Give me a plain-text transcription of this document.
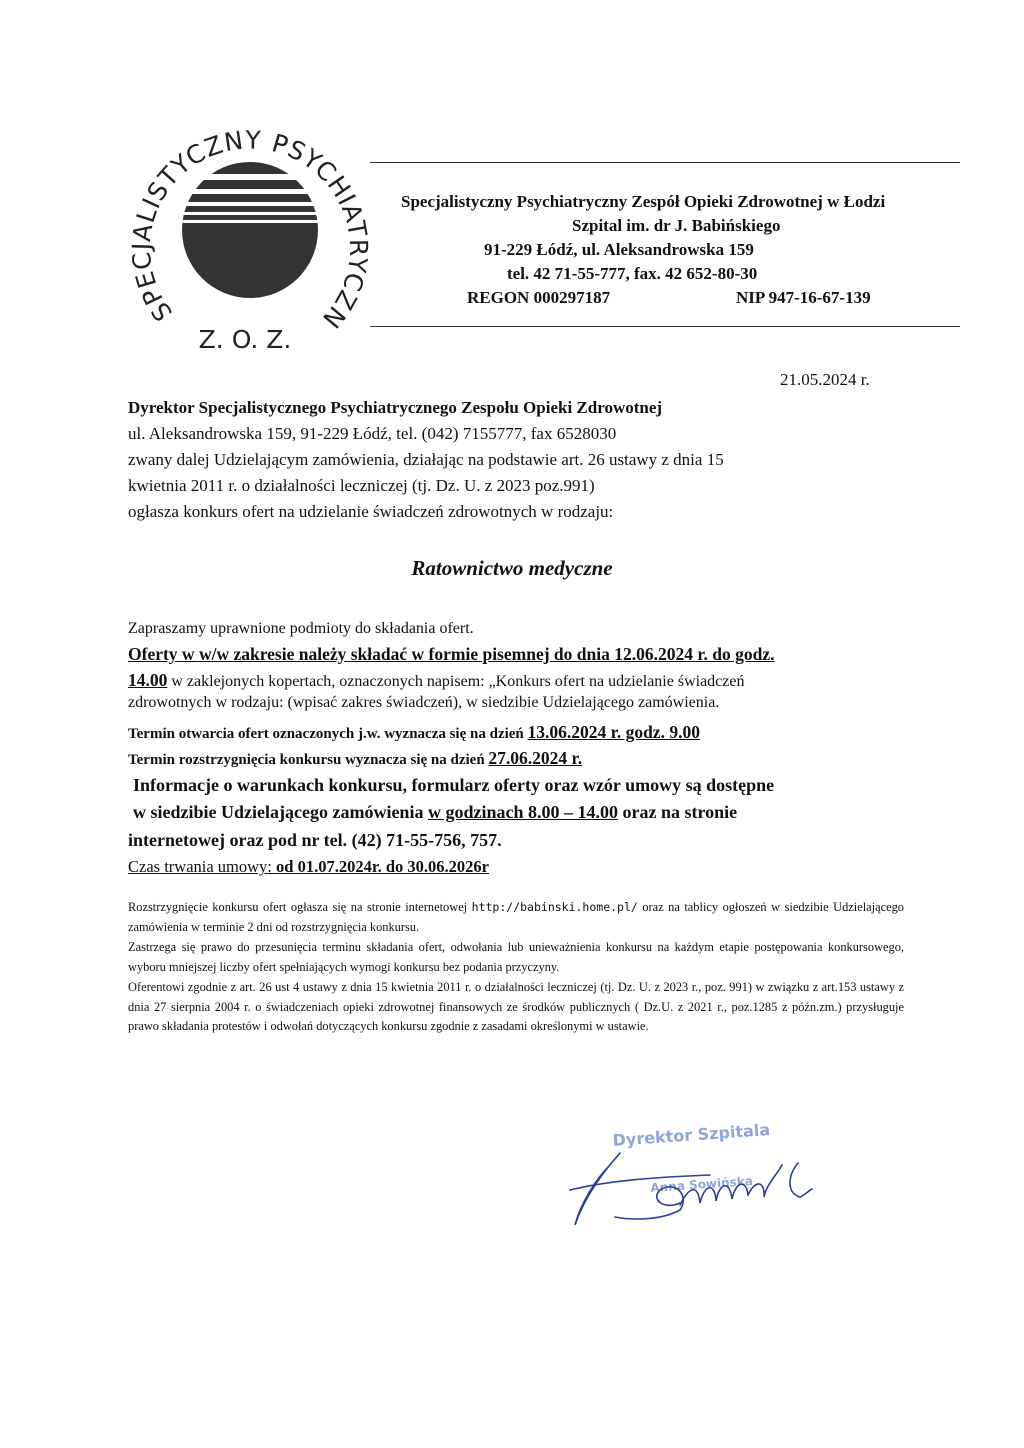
SPECJALISTYCZNY PSYCHIAT YCZN
Z. O. Z.
Specjalistyczny Psychiatryczny Zespół Opieki Zdrowotnej w Łodzi
Szpital im. dr J. Babińskiego
91-229 Łódź, ul. Aleksandrowska 159
tel. 42 71-55-777, fax. 42 652-80-30
REGON 000297187	NIP 947-16-67-139
21.05.2024 r.
Dyrektor Specjalistycznego Psychiatrycznego Zespołu Opieki Zdrowotnej
ul. Aleksandrowska 159, 91-229 Łódź, tel. (042) 7155777, fax 6528030
zwany dalej Udzielającym zamówienia, działając na podstawie art. 26 ustawy z dnia 15
kwietnia 2011 r. o działalności leczniczej (tj. Dz. U. z 2023 poz.991)
ogłasza konkurs ofert na udzielanie świadczeń zdrowotnych w rodzaju:
Ratownictwo medyczne
Zapraszamy uprawnione podmioty do składania ofert.
Oferty w w/w zakresie należy składać w formie pisemnej do dnia 12.06.2024 r. do godz.
14.00 w zaklejonych kopertach, oznaczonych napisem: „Konkurs ofert na udzielanie świadczeń
zdrowotnych w rodzaju: (wpisać zakres świadczeń), w siedzibie Udzielającego zamówienia.
Termin otwarcia ofert oznaczonych j.w. wyznacza się na dzień 13.06.2024 r. godz. 9.00
Termin rozstrzygnięcia konkursu wyznacza się na dzień 27.06.2024 r.
Informacje o warunkach konkursu, formularz oferty oraz wzór umowy są dostępne
w siedzibie Udzielającego zamówienia w godzinach 8.00 – 14.00 oraz na stronie
internetowej oraz pod nr tel. (42) 71-55-756, 757.
Czas trwania umowy: od 01.07.2024r. do 30.06.2026r
Rozstrzygnięcie konkursu ofert ogłasza się na stronie internetowej http://babinski.home.pl/ oraz na tablicy ogłoszeń w siedzibie Udzielającego zamówienia w terminie 2 dni od rozstrzygnięcia konkursu.
Zastrzega się prawo do przesunięcia terminu składania ofert, odwołania lub unieważnienia konkursu na każdym etapie postępowania konkursowego, wyboru mniejszej liczby ofert spełniających wymogi konkursu bez podania przyczyny.
Oferentowi zgodnie z art. 26 ust 4 ustawy z dnia 15 kwietnia 2011 r. o działalności leczniczej (tj. Dz. U. z 2023 r., poz. 991) w związku z art.153 ustawy z dnia 27 sierpnia 2004 r. o świadczeniach opieki zdrowotnej finansowych ze środków publicznych ( Dz.U. z 2021 r., poz.1285 z późn.zm.) przysługuje prawo składania protestów i odwołań dotyczących konkursu zgodnie z zasadami określonymi w ustawie.
Dyrektor Szpitala
Anna Sowińska
